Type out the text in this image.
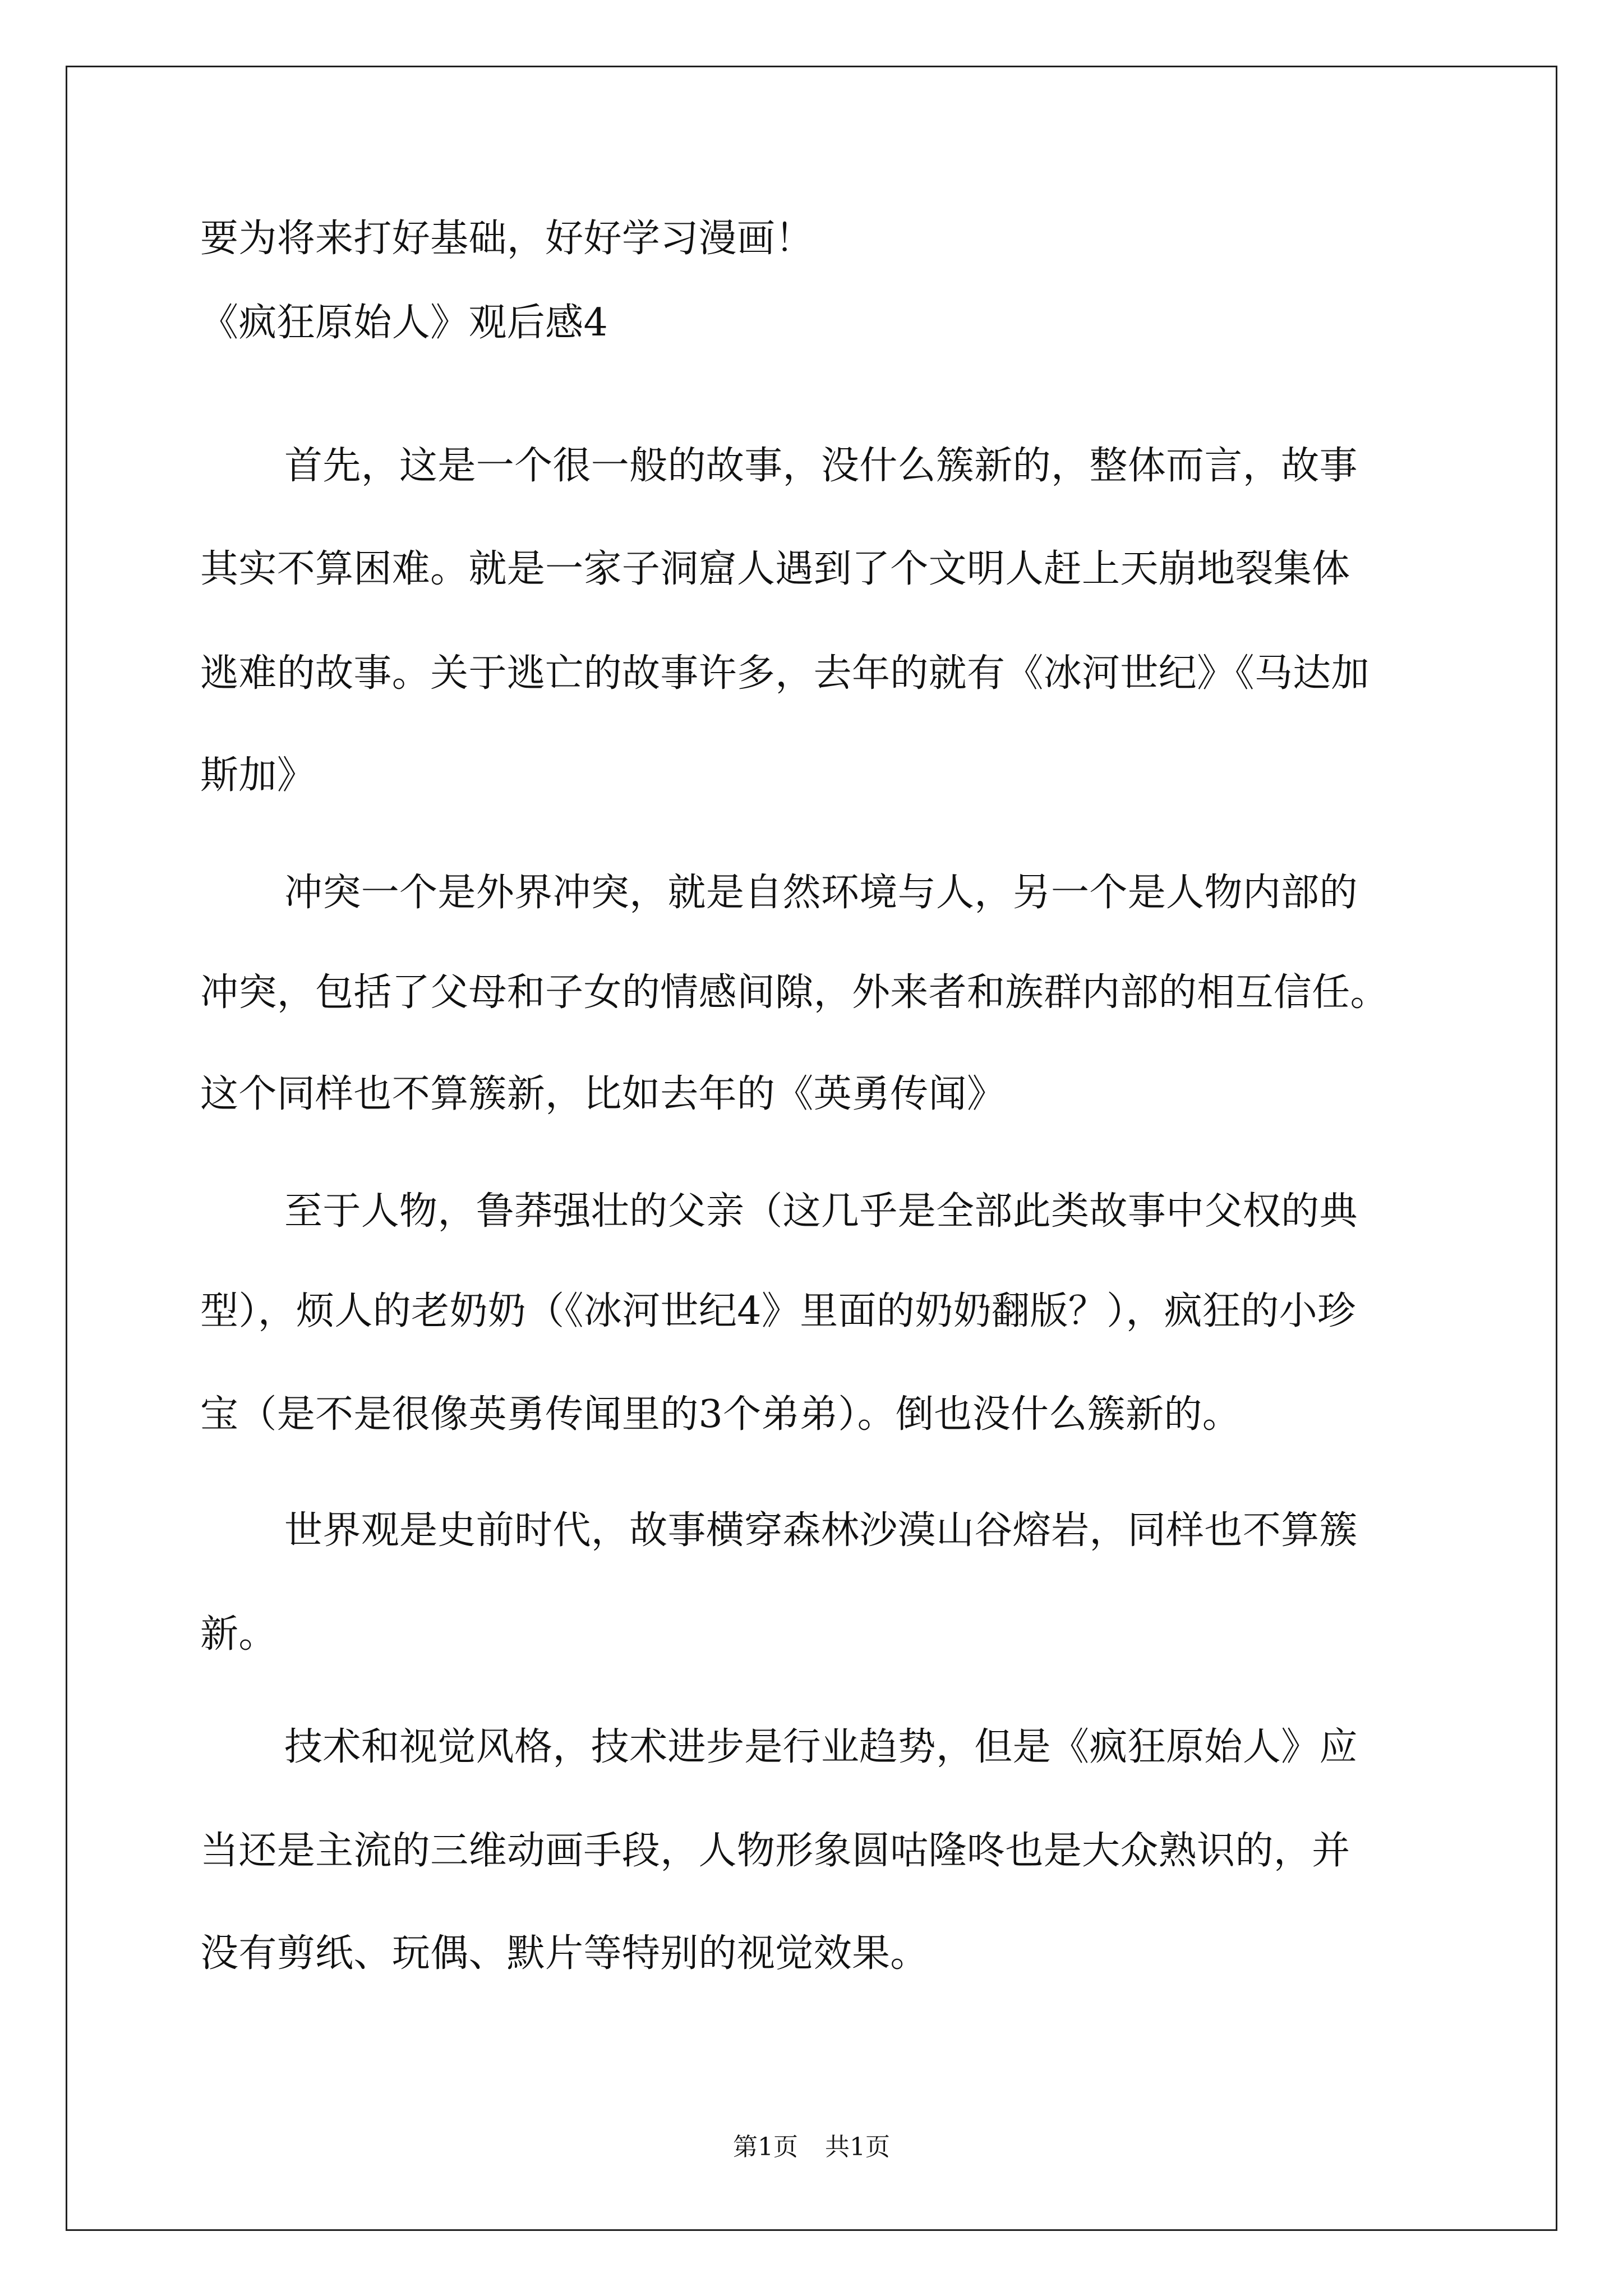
要为将来打好基础，好好学习漫画！
《疯狂原始人》观后感4
首先，这是一个很一般的故事，没什么簇新的，整体而言，故事
其实不算困难。就是一家子洞窟人遇到了个文明人赶上天崩地裂集体
逃难的故事。关于逃亡的故事许多，去年的就有《冰河世纪》《马达加
斯加》
冲突一个是外界冲突，就是自然环境与人，另一个是人物内部的
冲突，包括了父母和子女的情感间隙，外来者和族群内部的相互信任。
这个同样也不算簇新，比如去年的《英勇传闻》
至于人物，鲁莽强壮的父亲（这几乎是全部此类故事中父权的典
型），烦人的老奶奶（《冰河世纪4》里面的奶奶翻版？），疯狂的小珍
宝（是不是很像英勇传闻里的3个弟弟）。倒也没什么簇新的。
世界观是史前时代，故事横穿森林沙漠山谷熔岩，同样也不算簇
新。
技术和视觉风格，技术进步是行业趋势，但是《疯狂原始人》应
当还是主流的三维动画手段，人物形象圆咕隆咚也是大众熟识的，并
没有剪纸、玩偶、默片等特别的视觉效果。
第1页 共1页
